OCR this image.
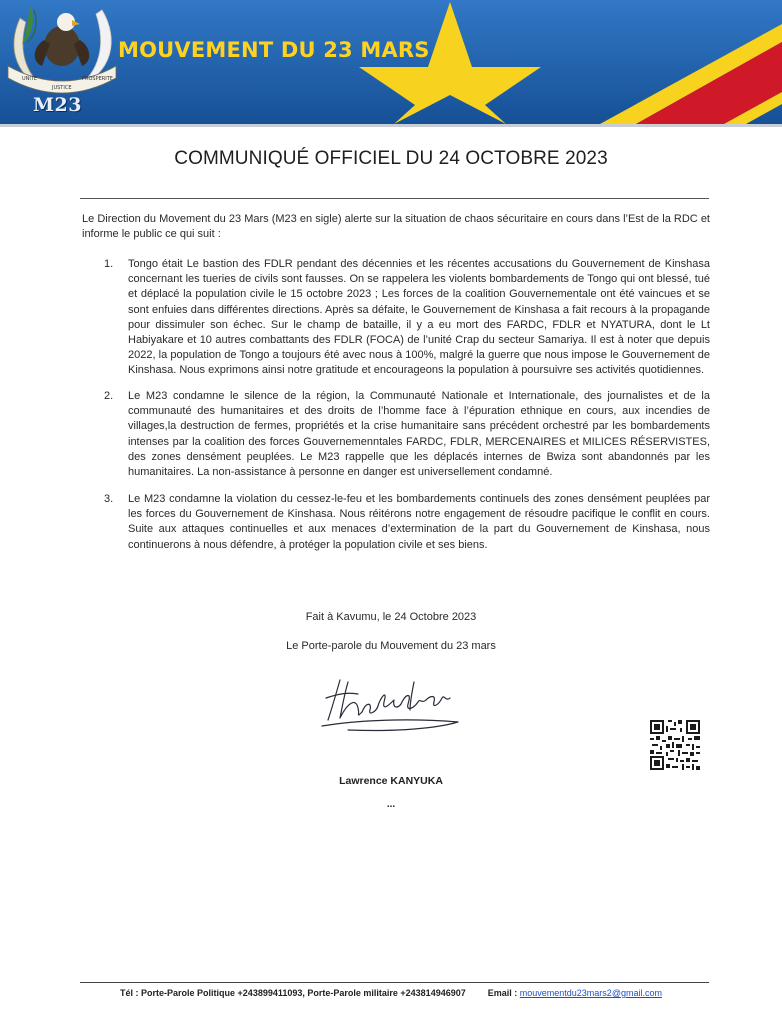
UNITE
JUSTICE
PROSPERITE
M23
MOUVEMENT DU 23 MARS
COMMUNIQUÉ OFFICIEL DU 24 OCTOBRE 2023
Le Direction du Movement du 23 Mars (M23 en sigle) alerte sur la situation de chaos sécuritaire en cours dans l’Est de la RDC et informe le public ce qui suit :
1. Tongo était Le bastion des FDLR pendant des décennies et les récentes accusations du Gouvernement de Kinshasa concernant les tueries de civils sont fausses. On se rappelera les violents bombardements de Tongo qui ont blessé, tué et déplacé la population civile le 15 octobre 2023 ; Les forces de la coalition Gouvernementale ont été vaincues et se sont enfuies dans différentes directions. Après sa défaite, le Gouvernement de Kinshasa a fait recours à la propagande pour dissimuler son échec. Sur le champ de bataille, il y a eu mort des FARDC, FDLR et NYATURA, dont le Lt Habiyakare et 10 autres combattants des FDLR (FOCA) de l’unité Crap du secteur Samariya. Il est à noter que depuis 2022, la population de Tongo a toujours été avec nous à 100%, malgré la guerre que nous impose le Gouvernement de Kinshasa. Nous exprimons ainsi notre gratitude et encourageons la population à poursuivre ses activités quotidiennes.
2. Le M23 condamne le silence de la région, la Communauté Nationale et Internationale, des journalistes et de la communauté des humanitaires et des droits de l’homme face à l’épuration ethnique en cours, aux incendies de villages,la destruction de fermes, propriétés et la crise humanitaire sans précédent orchestré par les bombardements intenses par la coalition des forces Gouvernemenntales FARDC, FDLR, MERCENAIRES et MILICES RÉSERVISTES, des zones densément peuplées. Le M23 rappelle que les déplacés internes de Bwiza sont abandonnés par les humanitaires. La non-assistance à personne en danger est universellement condamné.
3. Le M23 condamne la violation du cessez-le-feu et les bombardements continuels des zones densément peuplées par les forces du Gouvernement de Kinshasa. Nous réitérons notre engagement de résoudre pacifique le conflit en cours. Suite aux attaques continuelles et aux menaces d’extermination de la part du Gouvernement de Kinshasa, nous continuerons à nous défendre, à protéger la population civile et ses biens.
Fait à Kavumu, le 24 Octobre 2023
Le Porte-parole du Mouvement du 23 mars
Lawrence KANYUKA
...
Tél : Porte-Parole Politique +243899411093, Porte-Parole militaire +243814946907 Email : mouvementdu23mars2@gmail.com
